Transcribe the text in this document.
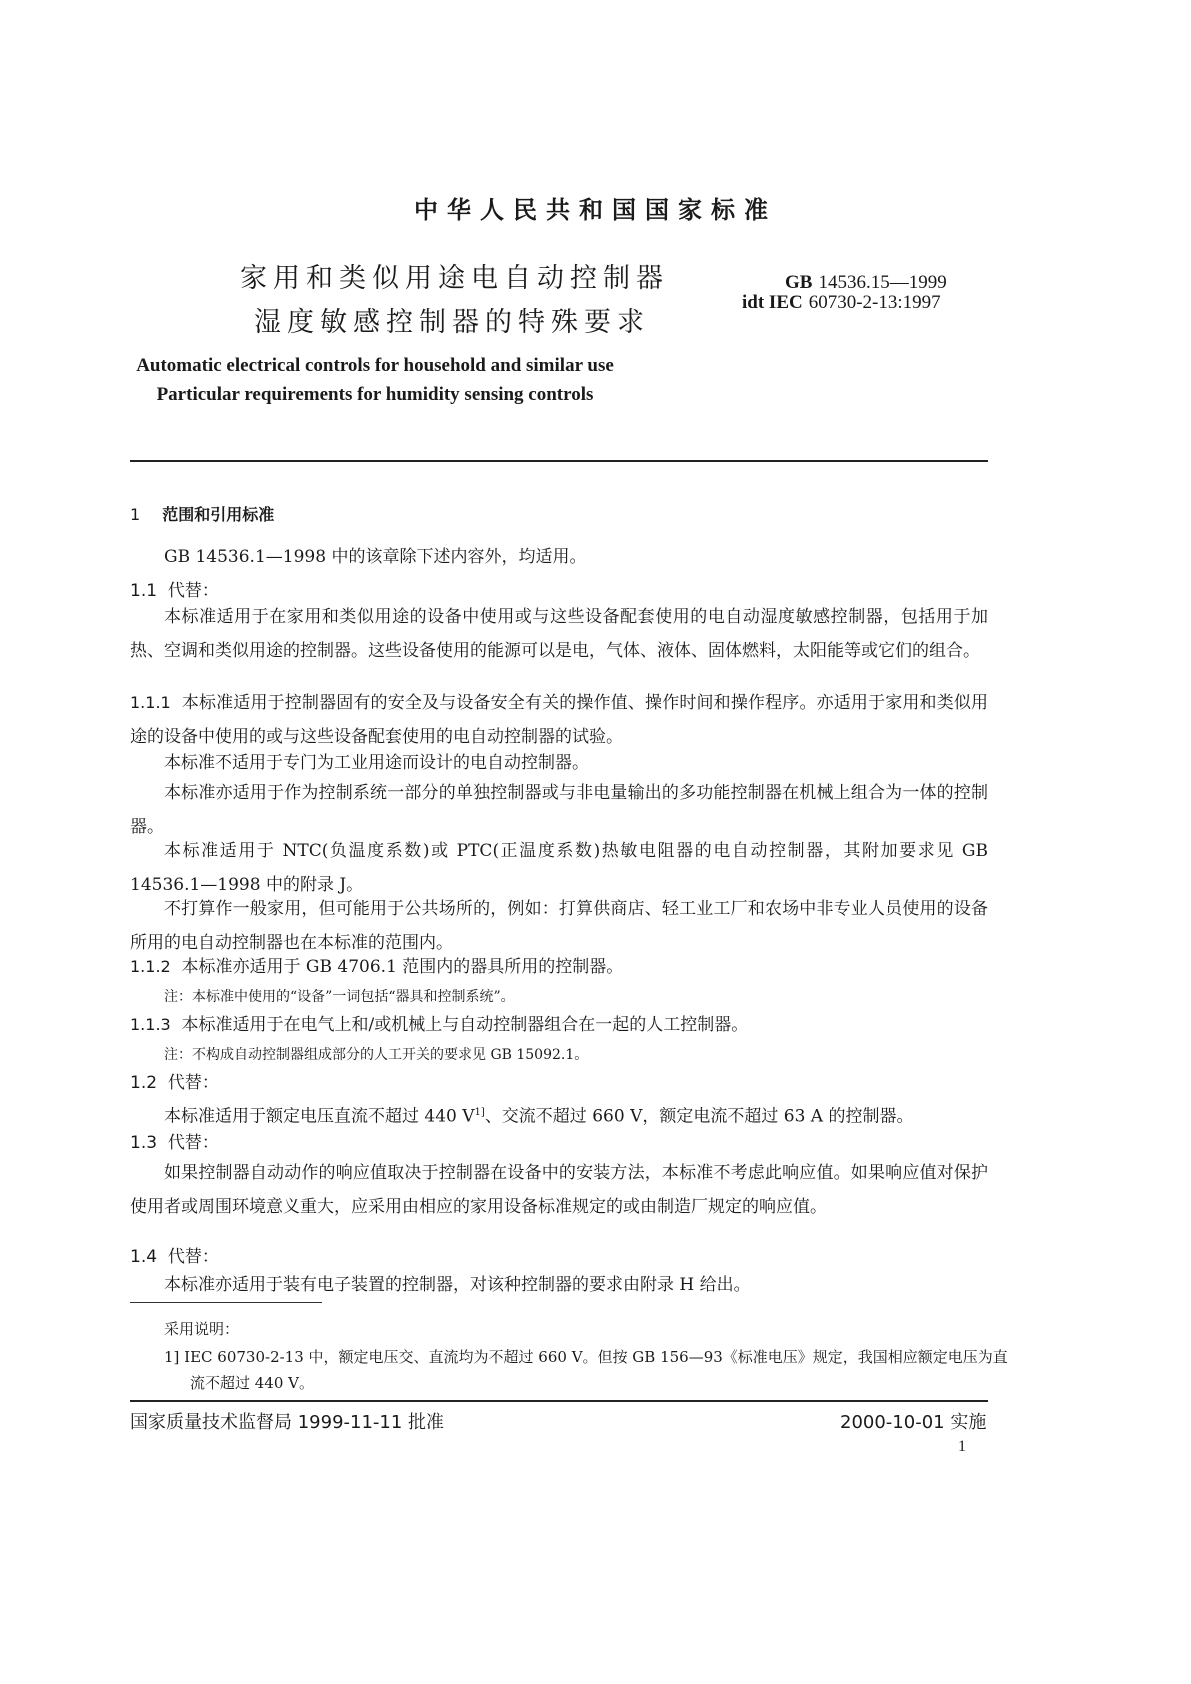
中华人民共和国国家标准
家用和类似用途电自动控制器
湿度敏感控制器的特殊要求
GB 14536.15—1999
idt IEC 60730-2-13:1997
Automatic electrical controls for household and similar use
Particular requirements for humidity sensing controls
1 范围和引用标准
GB 14536.1—1998 中的该章除下述内容外，均适用。
1.1 代替：
本标准适用于在家用和类似用途的设备中使用或与这些设备配套使用的电自动湿度敏感控制器，包括用于加热、空调和类似用途的控制器。这些设备使用的能源可以是电，气体、液体、固体燃料，太阳能等或它们的组合。
1.1.1 本标准适用于控制器固有的安全及与设备安全有关的操作值、操作时间和操作程序。亦适用于家用和类似用途的设备中使用的或与这些设备配套使用的电自动控制器的试验。
本标准不适用于专门为工业用途而设计的电自动控制器。
本标准亦适用于作为控制系统一部分的单独控制器或与非电量输出的多功能控制器在机械上组合为一体的控制器。
本标准适用于 NTC(负温度系数)或 PTC(正温度系数)热敏电阻器的电自动控制器，其附加要求见 GB 14536.1—1998 中的附录 J。
不打算作一般家用，但可能用于公共场所的，例如：打算供商店、轻工业工厂和农场中非专业人员使用的设备所用的电自动控制器也在本标准的范围内。
1.1.2 本标准亦适用于 GB 4706.1 范围内的器具所用的控制器。
注：本标准中使用的“设备”一词包括“器具和控制系统”。
1.1.3 本标准适用于在电气上和/或机械上与自动控制器组合在一起的人工控制器。
注：不构成自动控制器组成部分的人工开关的要求见 GB 15092.1。
1.2 代替：
本标准适用于额定电压直流不超过 440 $V^{1]}$、交流不超过 660 V，额定电流不超过 63 A 的控制器。
1.3 代替：
如果控制器自动动作的响应值取决于控制器在设备中的安装方法，本标准不考虑此响应值。如果响应值对保护使用者或周围环境意义重大，应采用由相应的家用设备标准规定的或由制造厂规定的响应值。
1.4 代替：
本标准亦适用于装有电子装置的控制器，对该种控制器的要求由附录 H 给出。
采用说明：
1] IEC 60730-2-13 中，额定电压交、直流均为不超过 660 V。但按 GB 156—93《标准电压》规定，我国相应额定电压为直流不超过 440 V。
国家质量技术监督局 1999-11-11 批准	2000-10-01 实施
1
